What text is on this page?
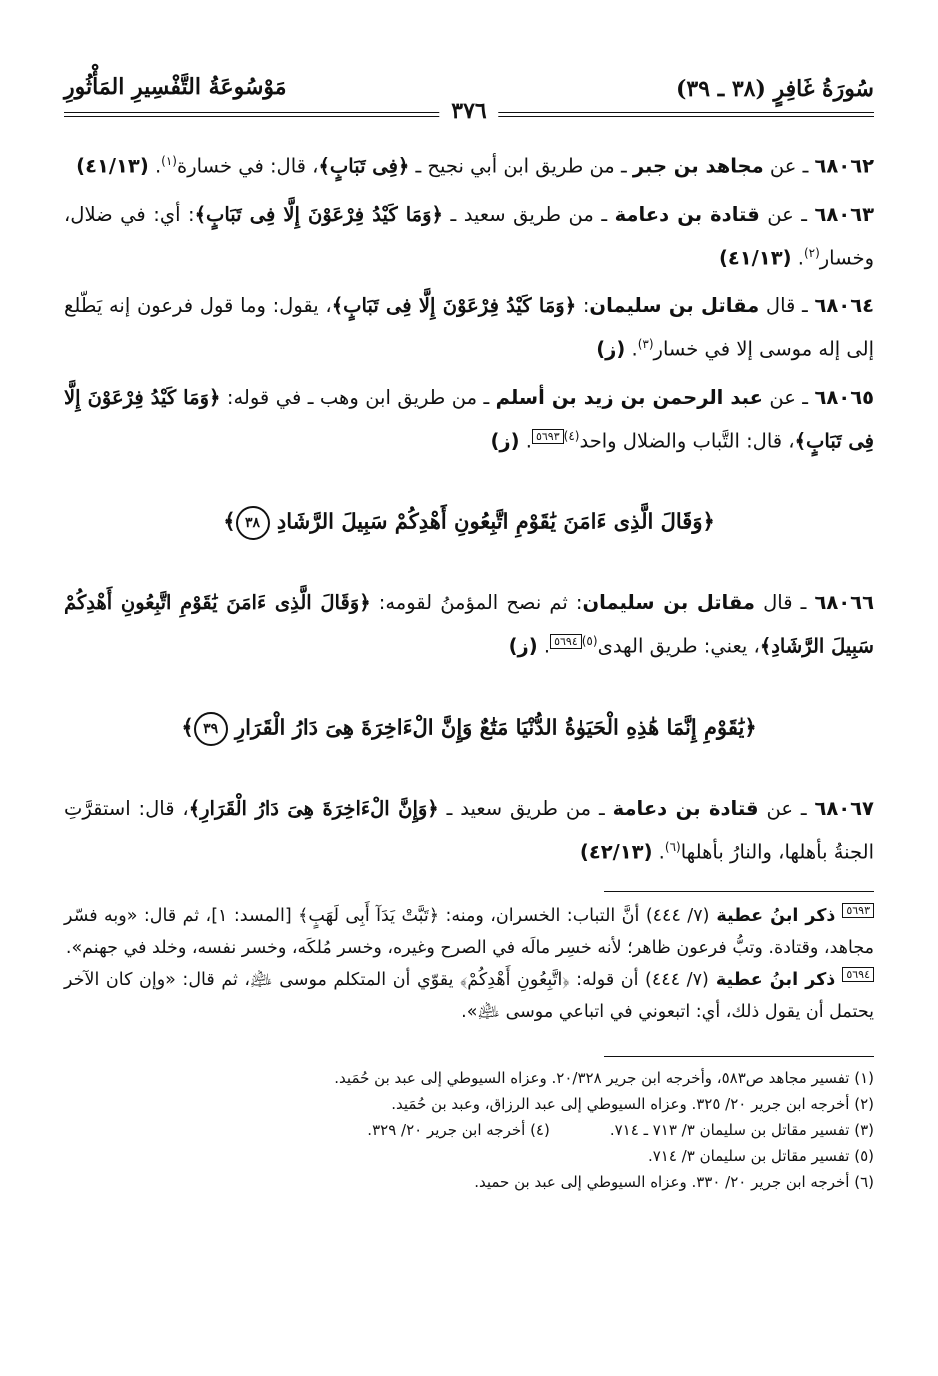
سُورَةُ غَافِرٍ (٣٨ ـ ٣٩)
مَوْسُوعَةُ التَّفْسِيرِ المَأْثُورِ
٣٧٦

٦٨٠٦٢ ـ عن مجاهد بن جبر ـ من طريق ابن أبي نجيح ـ ﴿فِى تَبَابٍ﴾، قال: في خسارة$^{(١)}$. (٤١/١٣)

٦٨٠٦٣ ـ عن قتادة بن دعامة ـ من طريق سعيد ـ ﴿وَمَا كَيْدُ فِرْعَوْنَ إِلَّا فِى تَبَابٍ﴾: أي: في ضلال، وخسار$^{(٢)}$. (٤١/١٣)

٦٨٠٦٤ ـ قال مقاتل بن سليمان: ﴿وَمَا كَيْدُ فِرْعَوْنَ إِلَّا فِى تَبَابٍ﴾، يقول: وما قول فرعون إنه يَطّلع إلى إله موسى إلا في خسار$^{(٣)}$. (ز)

٦٨٠٦٥ ـ عن عبد الرحمن بن زيد بن أسلم ـ من طريق ابن وهب ـ في قوله: ﴿وَمَا كَيْدُ فِرْعَوْنَ إِلَّا فِى تَبَابٍ﴾، قال: التَّباب والضلال واحد$^{(٤)}$٥٦٩٣. (ز)

﴿وَقَالَ الَّذِى ءَامَنَ يَٰقَوْمِ اتَّبِعُونِ أَهْدِكُمْ سَبِيلَ الرَّشَادِ ٣٨﴾

٦٨٠٦٦ ـ قال مقاتل بن سليمان: ثم نصح المؤمنُ لقومه: ﴿وَقَالَ الَّذِى ءَامَنَ يَٰقَوْمِ اتَّبِعُونِ أَهْدِكُمْ سَبِيلَ الرَّشَادِ﴾، يعني: طريق الهدى$^{(٥)}$٥٦٩٤. (ز)

﴿يَٰقَوْمِ إِنَّمَا هَٰذِهِ الْحَيَوٰةُ الدُّنْيَا مَتَٰعٌ وَإِنَّ الْءَاخِرَةَ هِىَ دَارُ الْقَرَارِ ٣٩﴾

٦٨٠٦٧ ـ عن قتادة بن دعامة ـ من طريق سعيد ـ ﴿وَإِنَّ الْءَاخِرَةَ هِىَ دَارُ الْقَرَارِ﴾، قال: استقرَّتِ الجنةُ بأهلها، والنارُ بأهلها$^{(٦)}$. (٤٢/١٣)

٥٦٩٣ ذكر ابنُ عطية (٧/ ٤٤٤) أنَّ التباب: الخسران، ومنه: ﴿تَبَّتْ يَدَآ أَبِى لَهَبٍ﴾ [المسد: ١]، ثم قال: «وبه فسّر مجاهد، وقتادة. وتبُّ فرعون ظاهر؛ لأنه خسِر مالَه في الصرح وغيره، وخسر مُلكَه، وخسر نفسه، وخلد في جهنم».

٥٦٩٤ ذكر ابنُ عطية (٧/ ٤٤٤) أن قوله: ﴿اتَّبِعُونِ أَهْدِكُمْ﴾ يقوّي أن المتكلم موسى ﵇، ثم قال: «وإن كان الآخر يحتمل أن يقول ذلك، أي: اتبعوني في اتباعي موسى ﵇».

(١) تفسير مجاهد ص٥٨٣، وأخرجه ابن جرير ٢٠/٣٢٨. وعزاه السيوطي إلى عبد بن حُمَيد.

(٢) أخرجه ابن جرير ٢٠/ ٣٢٥. وعزاه السيوطي إلى عبد الرزاق، وعبد بن حُمَيد.

(٣) تفسير مقاتل بن سليمان ٣/ ٧١٣ ـ ٧١٤.

(٤) أخرجه ابن جرير ٢٠/ ٣٢٩.

(٥) تفسير مقاتل بن سليمان ٣/ ٧١٤.

(٦) أخرجه ابن جرير ٢٠/ ٣٣٠. وعزاه السيوطي إلى عبد بن حميد.
